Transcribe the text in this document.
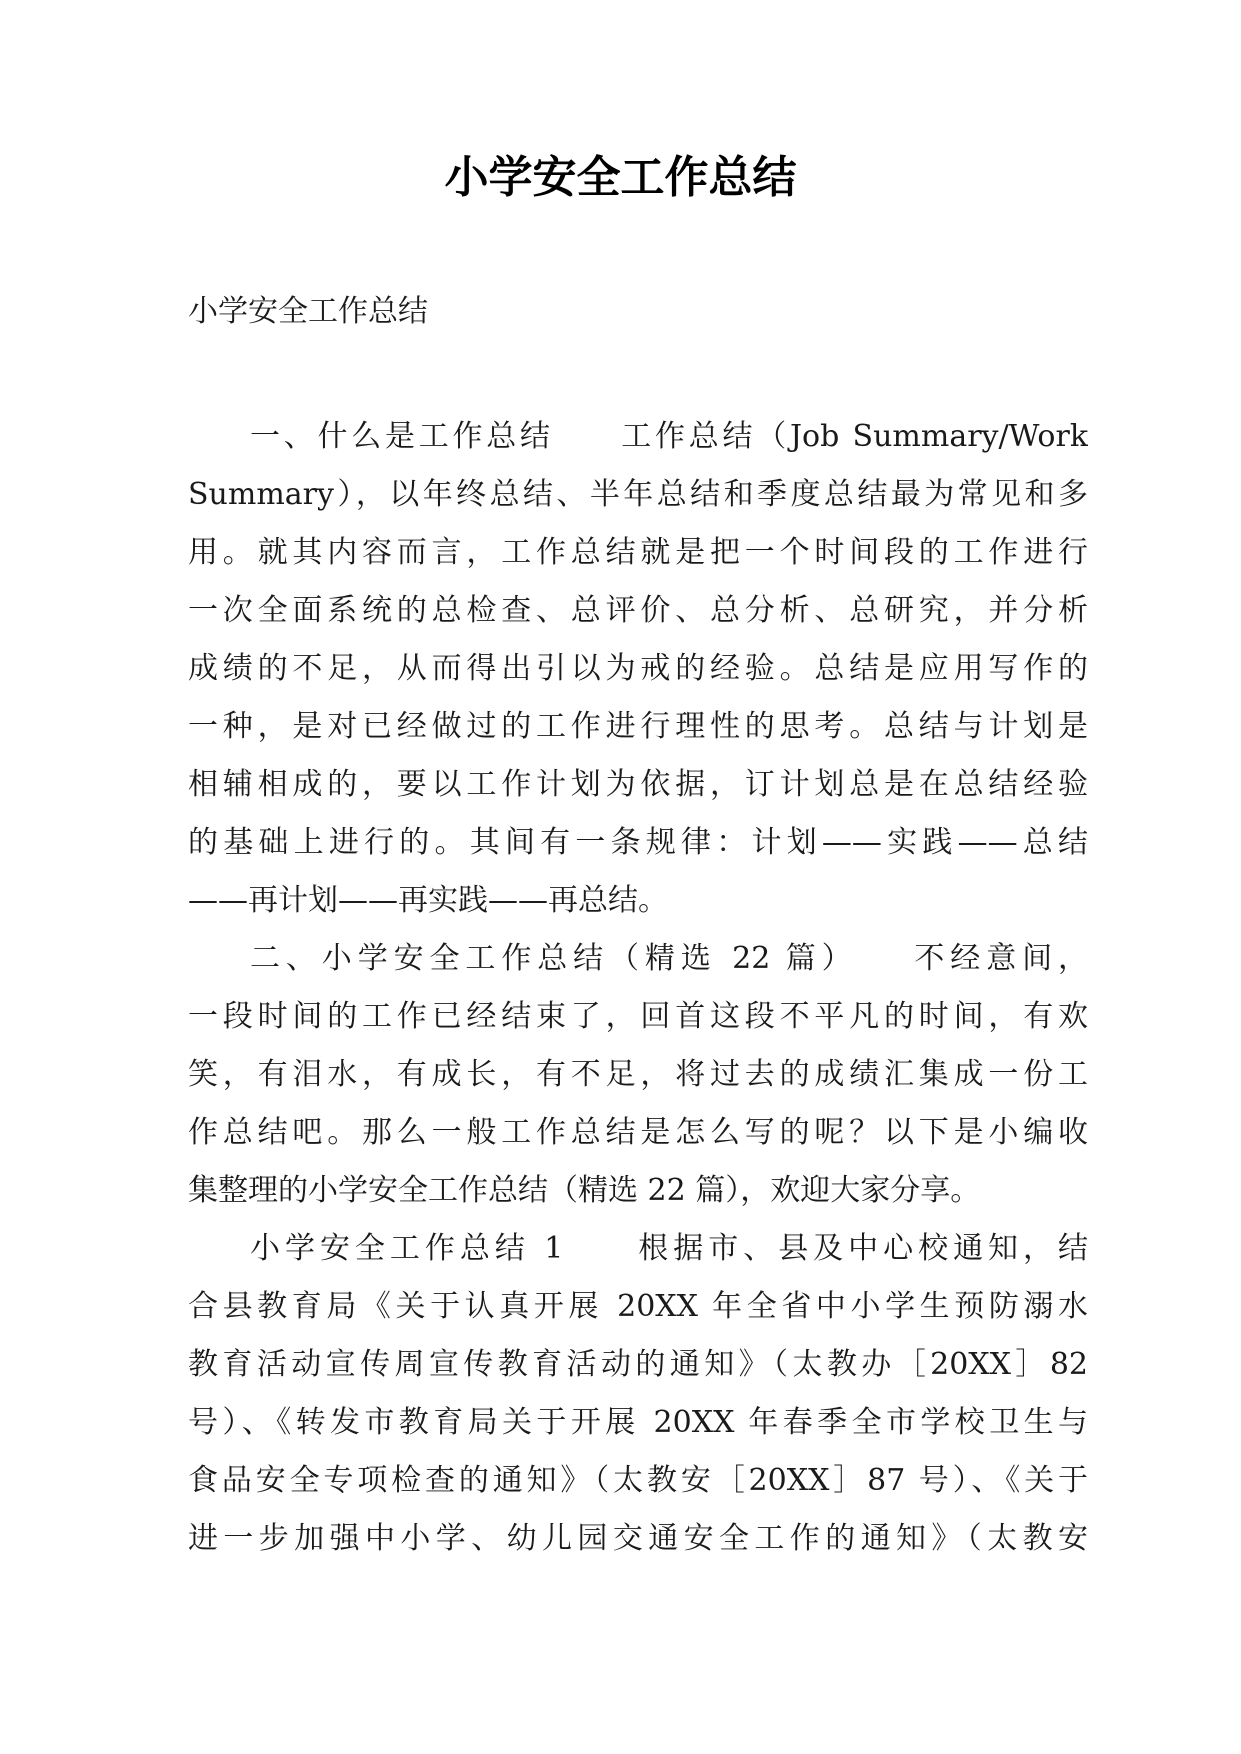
小学安全工作总结

小学安全工作总结

一、什么是工作总结　　工作总结（Job Summary/Work
Summary），以年终总结、半年总结和季度总结最为常见和多
用。就其内容而言，工作总结就是把一个时间段的工作进行
一次全面系统的总检查、总评价、总分析、总研究，并分析
成绩的不足，从而得出引以为戒的经验。总结是应用写作的
一种，是对已经做过的工作进行理性的思考。总结与计划是
相辅相成的，要以工作计划为依据，订计划总是在总结经验
的基础上进行的。其间有一条规律：计划——实践——总结
——再计划——再实践——再总结。
二、小学安全工作总结（精选 22 篇）　　不经意间，
一段时间的工作已经结束了，回首这段不平凡的时间，有欢
笑，有泪水，有成长，有不足，将过去的成绩汇集成一份工
作总结吧。那么一般工作总结是怎么写的呢？以下是小编收
集整理的小学安全工作总结（精选 22 篇），欢迎大家分享。
小学安全工作总结 1　　根据市、县及中心校通知，结
合县教育局《关于认真开展 20XX 年全省中小学生预防溺水
教育活动宣传周宣传教育活动的通知》（太教办［20XX］82
号）、《转发市教育局关于开展 20XX 年春季全市学校卫生与
食品安全专项检查的通知》（太教安［20XX］87 号）、《关于
进一步加强中小学、幼儿园交通安全工作的通知》（太教安
